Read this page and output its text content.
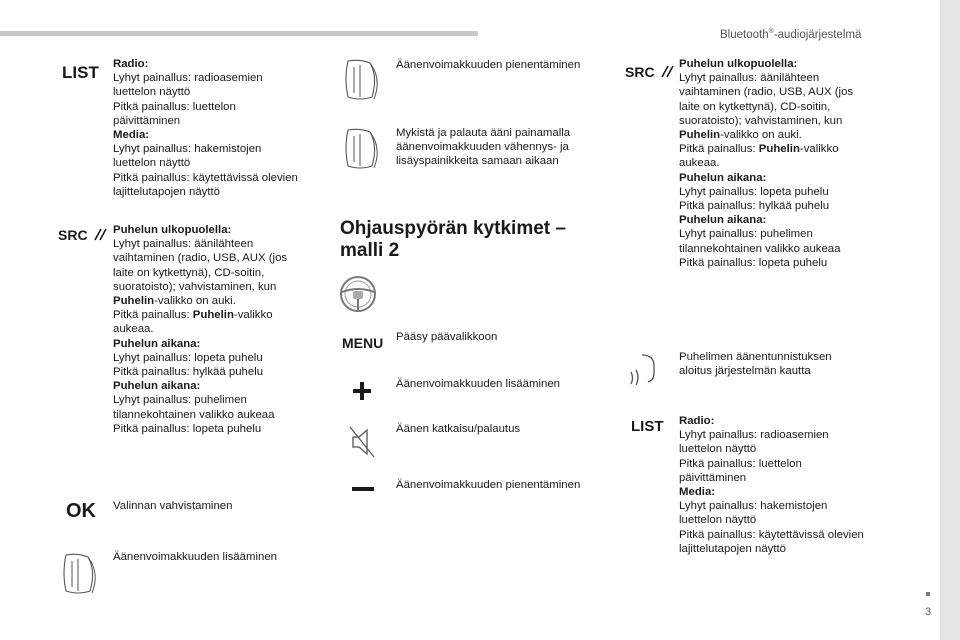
Bluetooth®-audiojärjestelmä
3
LIST Radio:

Lyhyt painallus: radioasemien

luettelon näyttö

Pitkä painallus: luettelon

päivittäminen

Media:

Lyhyt painallus: hakemistojen

luettelon näyttö

Pitkä painallus: käytettävissä olevien

lajittelutapojen näyttö

SRC	Puhelun ulkopuolella:

Lyhyt painallus: äänilähteen

vaihtaminen (radio, USB, AUX (jos

laite on kytkettynä), CD-soitin,

suoratoisto); vahvistaminen, kun

Puhelin-valikko on auki.

Pitkä painallus: Puhelin-valikko

aukeaa.

Puhelun aikana:

Lyhyt painallus: lopeta puhelu

Pitkä painallus: hylkää puhelu

Puhelun aikana:

Lyhyt painallus: puhelimen

tilannekohtainen valikko aukeaa

Pitkä painallus: lopeta puhelu

OK Valinnan vahvistaminen
Äänenvoimakkuuden lisääminen
Äänenvoimakkuuden pienentäminen

Mykistä ja palauta ääni painamalla

äänenvoimakkuuden vähennys- ja

lisäyspainikkeita samaan aikaan

Ohjauspyörän kytkimet –
malli 2
MENU Pääsy päävalikkoon
Äänenvoimakkuuden lisääminen
Äänen katkaisu/palautus
Äänenvoimakkuuden pienentäminen
SRC	Puhelun ulkopuolella:

Lyhyt painallus: äänilähteen

vaihtaminen (radio, USB, AUX (jos

laite on kytkettynä), CD-soitin,

suoratoisto); vahvistaminen, kun

Puhelin-valikko on auki.

Pitkä painallus: Puhelin-valikko

aukeaa.

Puhelun aikana:

Lyhyt painallus: lopeta puhelu

Pitkä painallus: hylkää puhelu

Puhelun aikana:

Lyhyt painallus: puhelimen

tilannekohtainen valikko aukeaa

Pitkä painallus: lopeta puhelu

Puhelimen äänentunnistuksen

aloitus järjestelmän kautta

LIST Radio:

Lyhyt painallus: radioasemien

luettelon näyttö

Pitkä painallus: luettelon

päivittäminen

Media:

Lyhyt painallus: hakemistojen

luettelon näyttö

Pitkä painallus: käytettävissä olevien

lajittelutapojen näyttö
